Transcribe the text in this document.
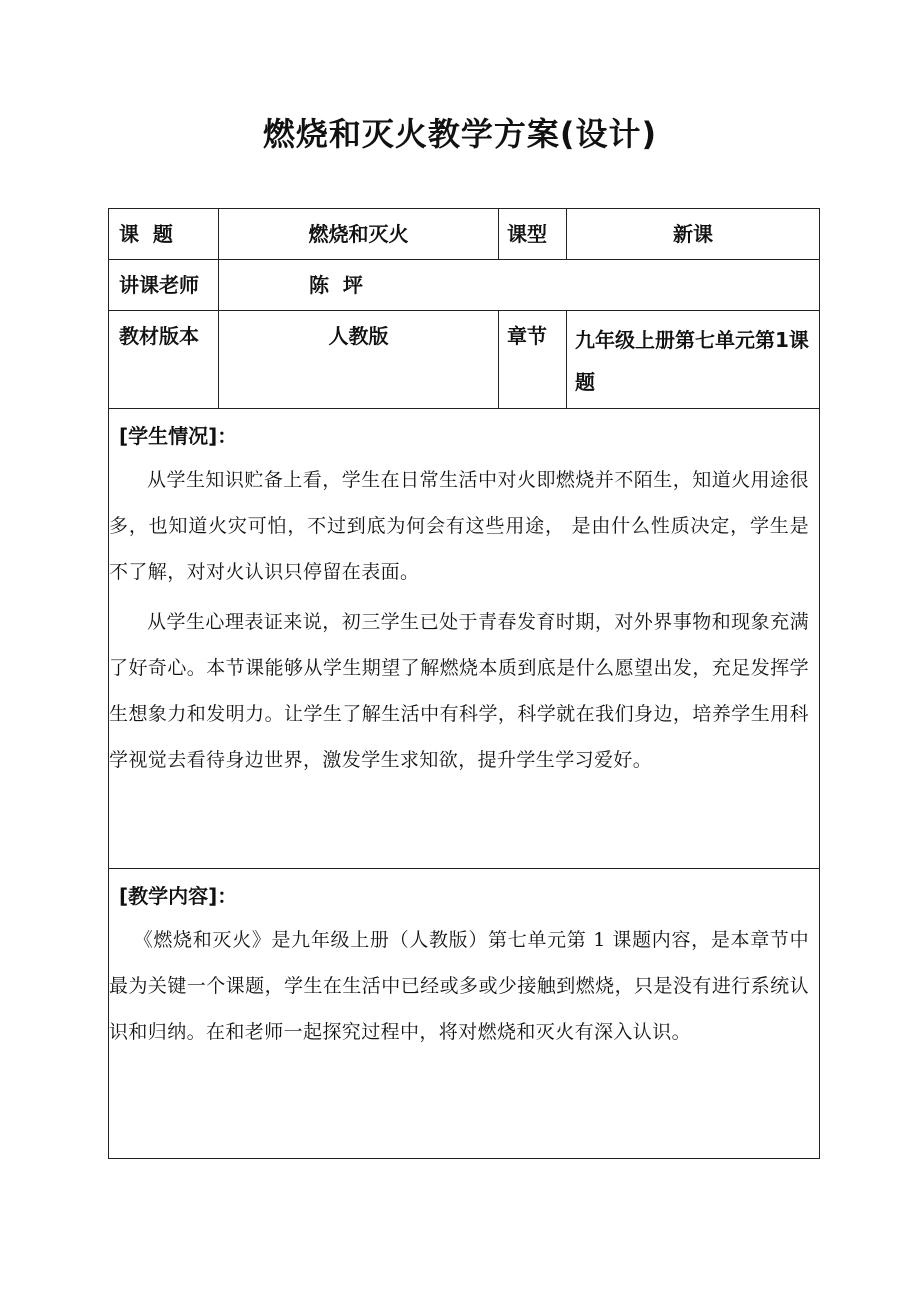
燃烧和灭火教学方案(设计)
课  题	燃烧和灭火	课型	新课
讲课老师	陈  坪		
教材版本	人教版	章节	九年级上册第七单元第1课题

[学生情况]：

从学生知识贮备上看，学生在日常生活中对火即燃烧并不陌生，知道火用途很多，也知道火灾可怕，不过到底为何会有这些用途， 是由什么性质决定，学生是不了解，对对火认识只停留在表面。

从学生心理表证来说，初三学生已处于青春发育时期，对外界事物和现象充满了好奇心。本节课能够从学生期望了解燃烧本质到底是什么愿望出发，充足发挥学生想象力和发明力。让学生了解生活中有科学，科学就在我们身边，培养学生用科学视觉去看待身边世界，激发学生求知欲，提升学生学习爱好。			

[教学内容]：

《燃烧和灭火》是九年级上册（人教版）第七单元第 1 课题内容，是本章节中最为关键一个课题，学生在生活中已经或多或少接触到燃烧，只是没有进行系统认识和归纳。在和老师一起探究过程中，将对燃烧和灭火有深入认识。			
